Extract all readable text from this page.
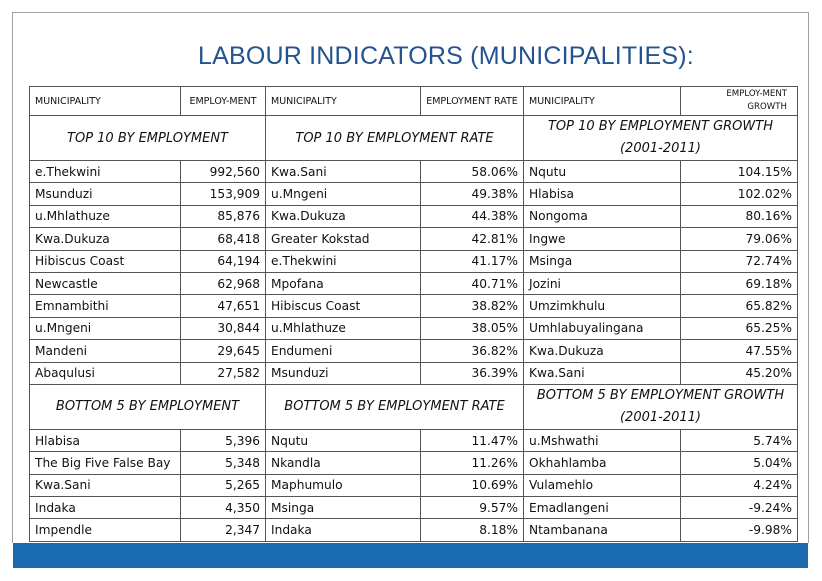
LABOUR INDICATORS (MUNICIPALITIES):
MUNICIPALITY	EMPLOY-MENT	MUNICIPALITY	EMPLOYMENT RATE	MUNICIPALITY	EMPLOY-MENT GROWTH
TOP 10 BY EMPLOYMENT		TOP 10 BY EMPLOYMENT RATE		TOP 10 BY EMPLOYMENT GROWTH (2001-2011)	
e.Thekwini	992,560	Kwa.Sani	58.06%	Nqutu	104.15%
Msunduzi	153,909	u.Mngeni	49.38%	Hlabisa	102.02%
u.Mhlathuze	85,876	Kwa.Dukuza	44.38%	Nongoma	80.16%
Kwa.Dukuza	68,418	Greater Kokstad	42.81%	Ingwe	79.06%
Hibiscus Coast	64,194	e.Thekwini	41.17%	Msinga	72.74%
Newcastle	62,968	Mpofana	40.71%	Jozini	69.18%
Emnambithi	47,651	Hibiscus Coast	38.82%	Umzimkhulu	65.82%
u.Mngeni	30,844	u.Mhlathuze	38.05%	Umhlabuyalingana	65.25%
Mandeni	29,645	Endumeni	36.82%	Kwa.Dukuza	47.55%
Abaqulusi	27,582	Msunduzi	36.39%	Kwa.Sani	45.20%
BOTTOM 5 BY EMPLOYMENT		BOTTOM 5 BY EMPLOYMENT RATE		BOTTOM 5 BY EMPLOYMENT GROWTH (2001-2011)	
Hlabisa	5,396	Nqutu	11.47%	u.Mshwathi	5.74%
The Big Five False Bay	5,348	Nkandla	11.26%	Okhahlamba	5.04%
Kwa.Sani	5,265	Maphumulo	10.69%	Vulamehlo	4.24%
Indaka	4,350	Msinga	9.57%	Emadlangeni	-9.24%
Impendle	2,347	Indaka	8.18%	Ntambanana	-9.98%
